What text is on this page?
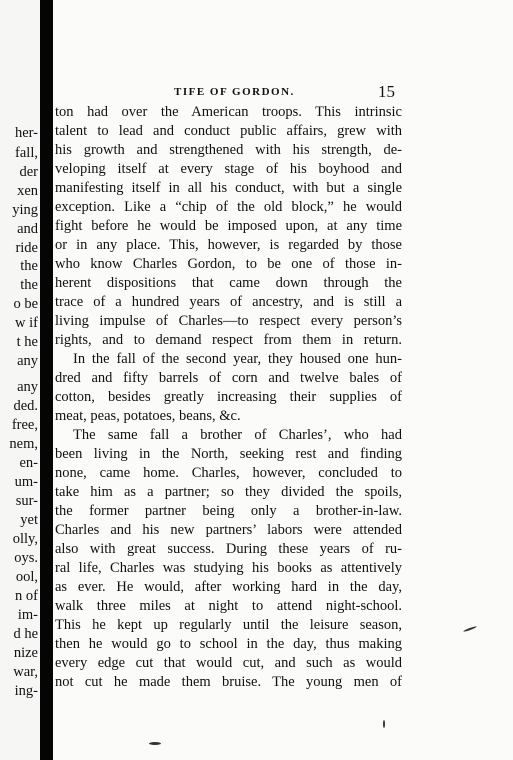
her-
fall,
der
xen
ying
and
ride
the
the
o be
w if
t he
any
any
ded.
free,
nem,
en-
um-
sur-
yet
olly,
oys.
ool,
n of
im-
d he
nize
war,
ing-
TIFE OF GORDON.	15
ton had over the American troops. This intrinsic
talent to lead and conduct public affairs, grew with
his growth and strengthened with his strength, de-
veloping itself at every stage of his boyhood and
manifesting itself in all his conduct, with but a single
exception. Like a “chip of the old block,” he would
fight before he would be imposed upon, at any time
or in any place. This, however, is regarded by those
who know Charles Gordon, to be one of those in-
herent dispositions that came down through the
trace of a hundred years of ancestry, and is still a
living impulse of Charles—to respect every person’s
rights, and to demand respect from them in return.
In the fall of the second year, they housed one hun-
dred and fifty barrels of corn and twelve bales of
cotton, besides greatly increasing their supplies of
meat, peas, potatoes, beans, &c.
The same fall a brother of Charles’, who had
been living in the North, seeking rest and finding
none, came home. Charles, however, concluded to
take him as a partner; so they divided the spoils,
the former partner being only a brother-in-law.
Charles and his new partners’ labors were attended
also with great success. During these years of ru-
ral life, Charles was studying his books as attentively
as ever. He would, after working hard in the day,
walk three miles at night to attend night-school.
This he kept up regularly until the leisure season,
then he would go to school in the day, thus making
every edge cut that would cut, and such as would
not cut he made them bruise. The young men of
